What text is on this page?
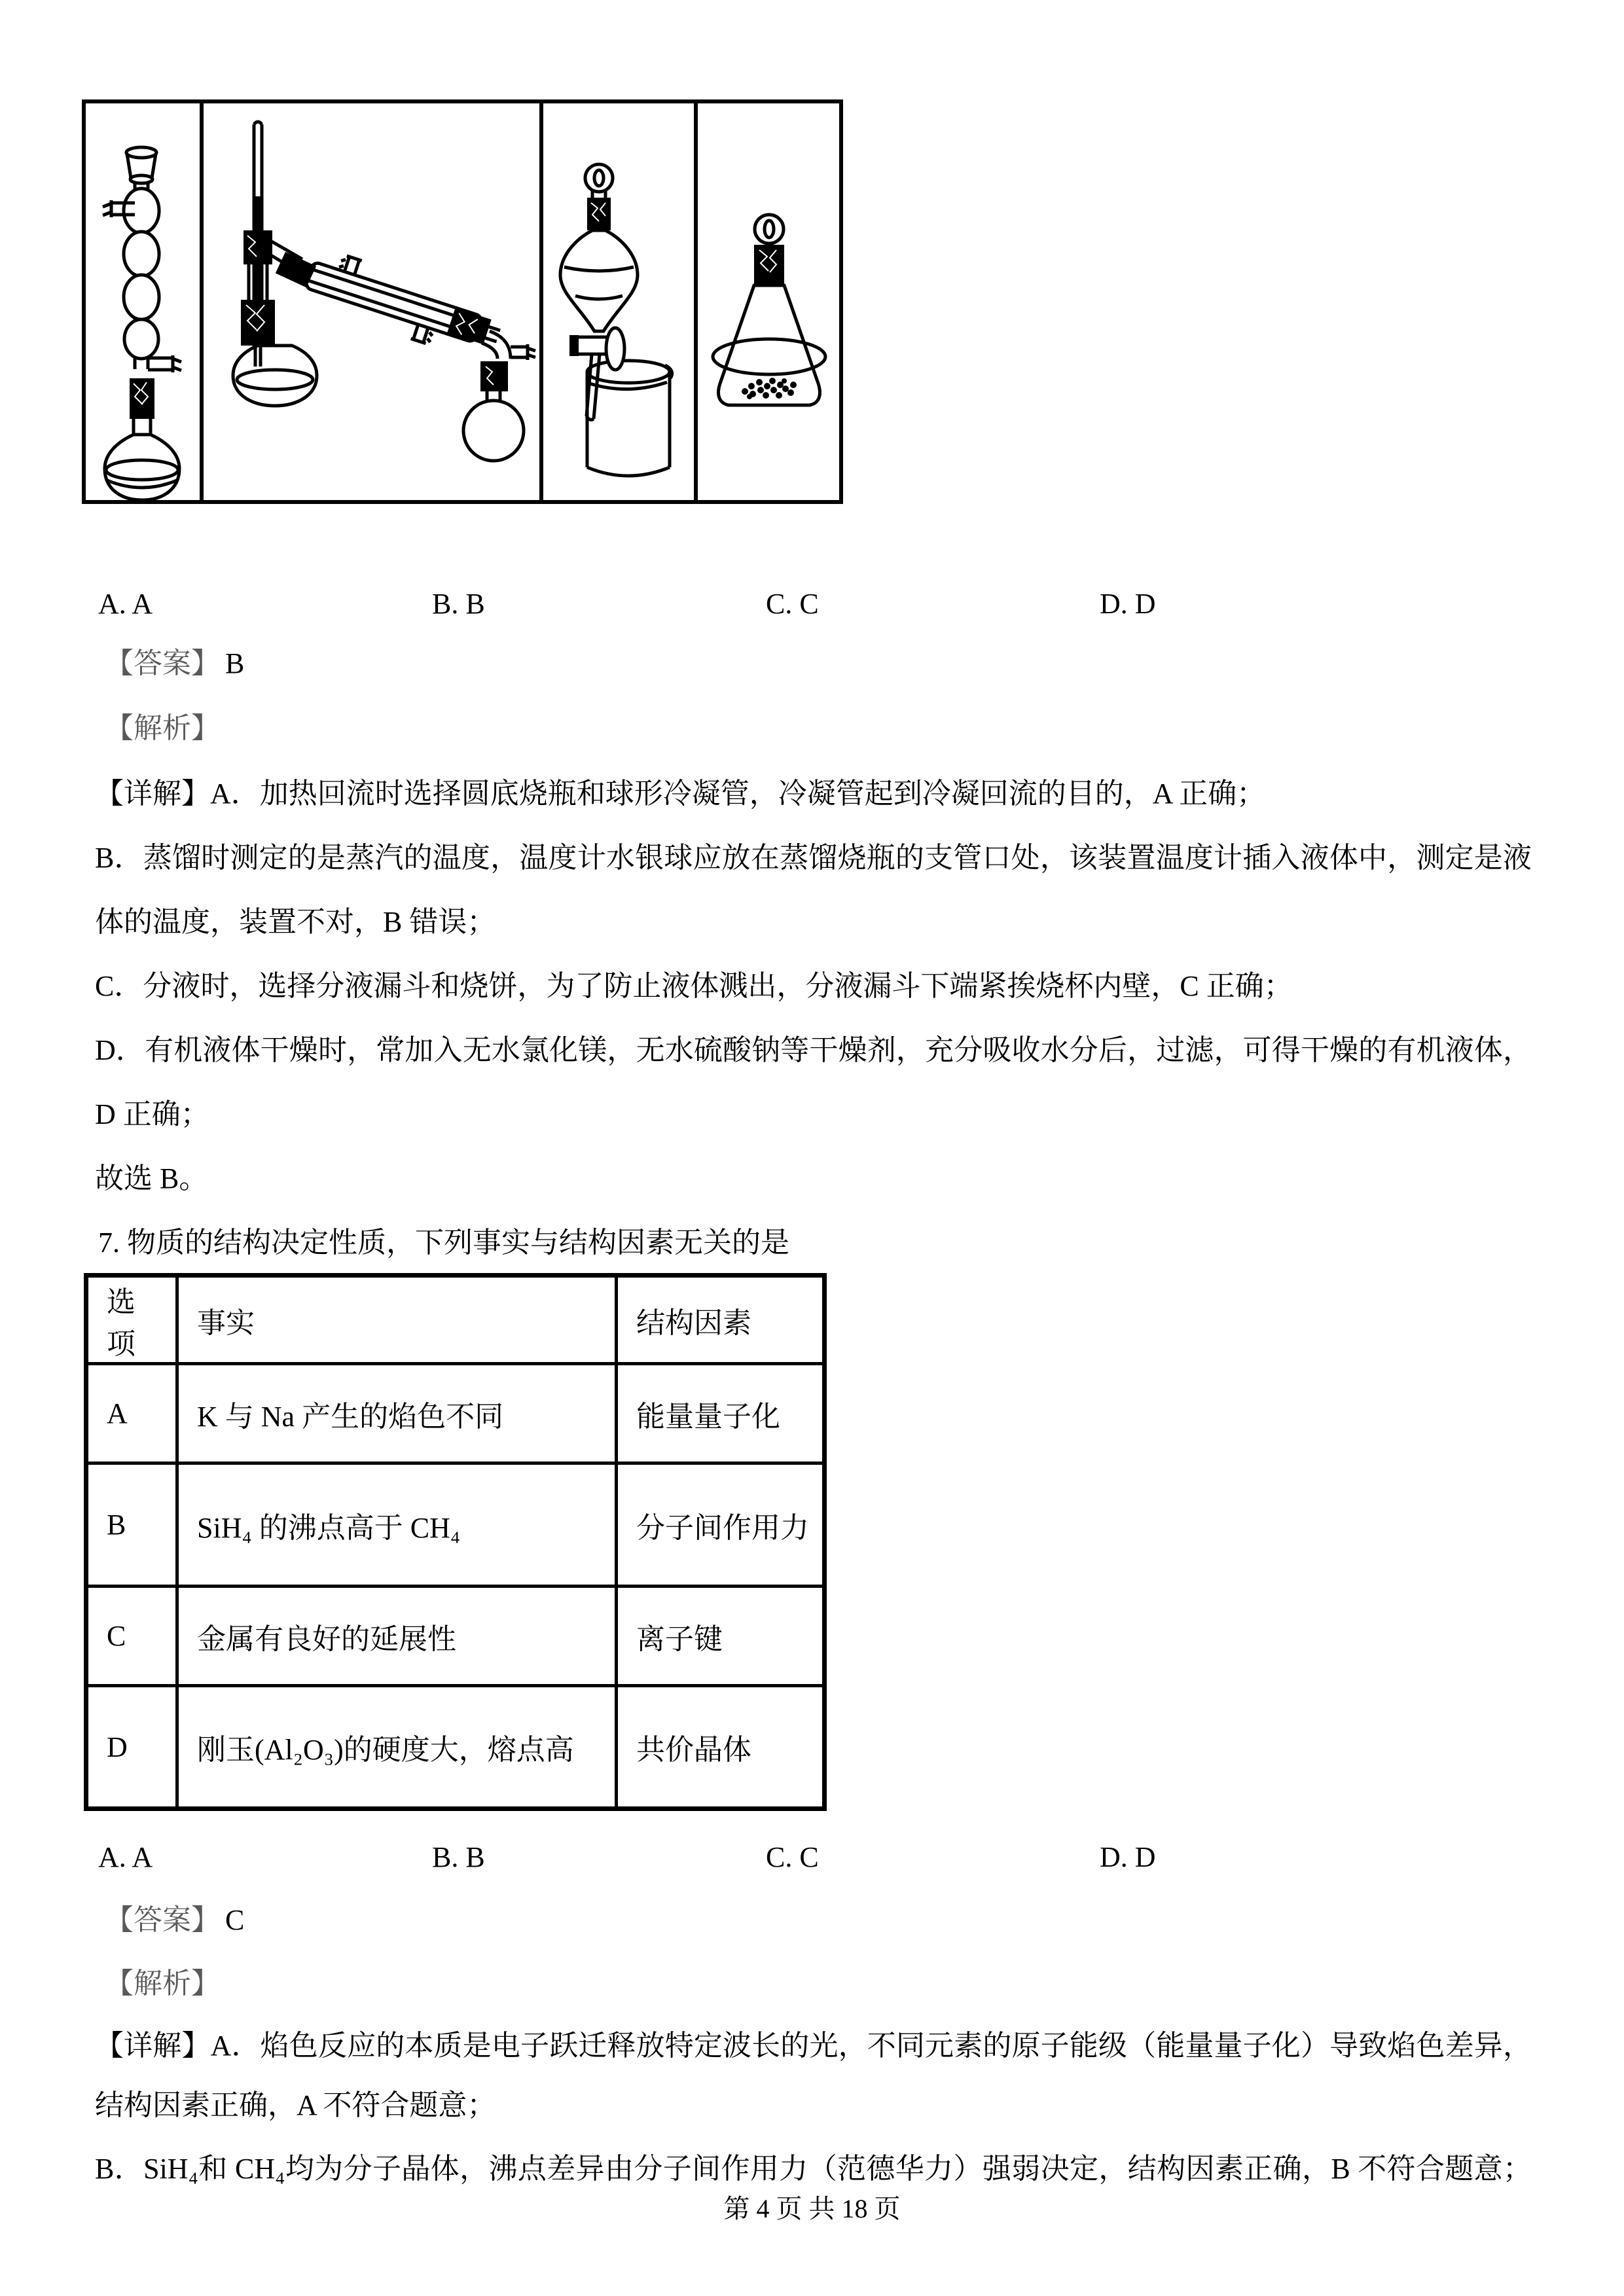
A. A	B. B	C. C	D. D
【答案】 B
【解析】
【详解】A．加热回流时选择圆底烧瓶和球形冷凝管，冷凝管起到冷凝回流的目的，A 正确；
B．蒸馏时测定的是蒸汽的温度，温度计水银球应放在蒸馏烧瓶的支管口处，该装置温度计插入液体中，测定是液
体的温度，装置不对，B 错误；
C．分液时，选择分液漏斗和烧饼，为了防止液体溅出，分液漏斗下端紧挨烧杯内壁，C 正确；
D．有机液体干燥时，常加入无水氯化镁，无水硫酸钠等干燥剂，充分吸收水分后，过滤，可得干燥的有机液体，
D 正确；
故选 B。
7. 物质的结构决定性质，下列事实与结构因素无关的是
选项	事实	结构因素
A	K 与 Na 产生的焰色不同	能量量子化
B	SiH₄ 的沸点高于 CH₄	分子间作用力
C	金属有良好的延展性	离子键
D	刚玉(Al₂O₃)的硬度大，熔点高	共价晶体
A. A	B. B	C. C	D. D
【答案】 C
【解析】
【详解】A．焰色反应的本质是电子跃迁释放特定波长的光，不同元素的原子能级（能量量子化）导致焰色差异，
结构因素正确，A 不符合题意；
B．SiH₄和 CH₄均为分子晶体，沸点差异由分子间作用力（范德华力）强弱决定，结构因素正确，B 不符合题意；
第 4 页 共 18 页
